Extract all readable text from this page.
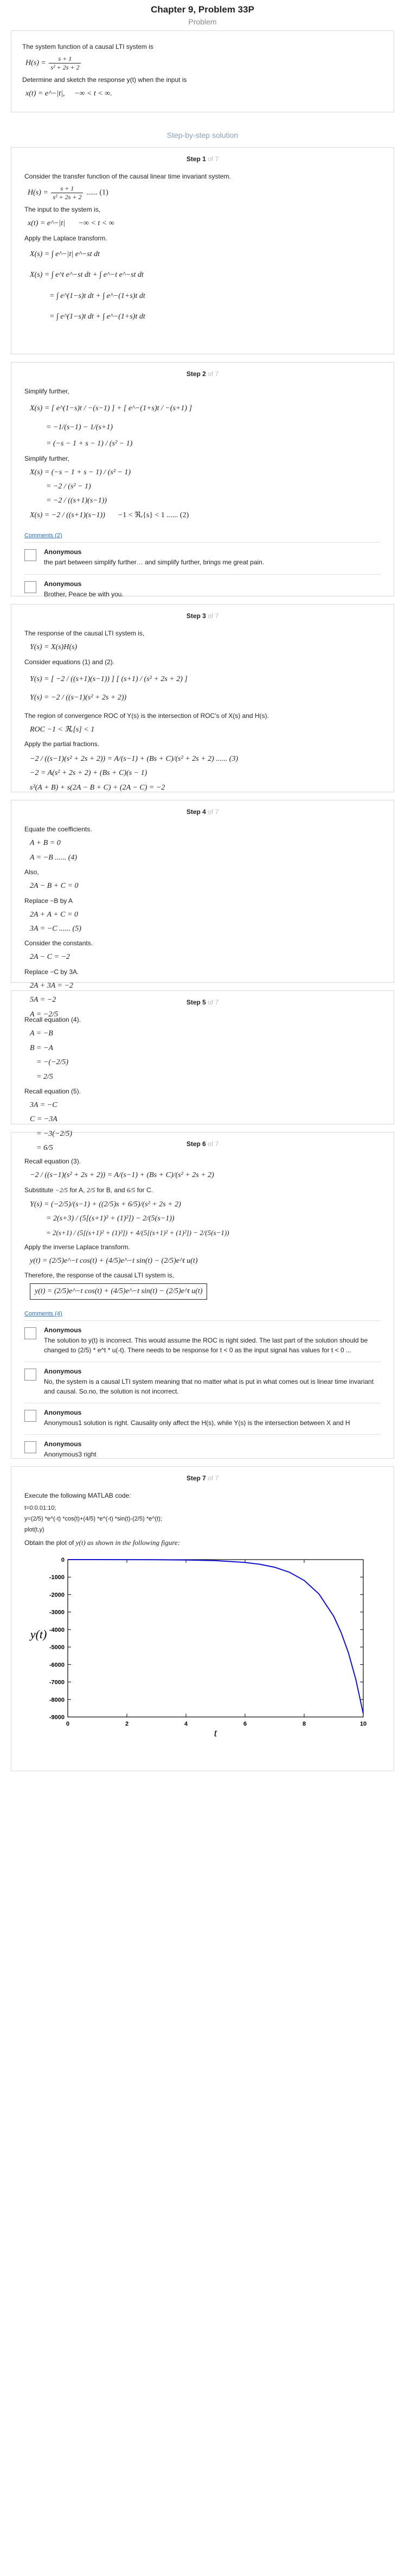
Chapter 9, Problem 33P
Problem
The system function of a causal LTI system is
$H(s) = \frac{s + 1}{\text{s² + 2s + 2}}$
Determine and sketch the response y(t) when the input is
x(t) = e^−|t|, −∞ < t < ∞.
Step-by-step solution
Step 1 of 7
Consider the transfer function of the causal linear time invariant system.
$H(s) = \frac{s + 1}{\text{s² + 2s + 2}}$ ...... (1)
The input to the system is,
x(t) = e^−|t| −∞ < t < ∞
Apply the Laplace transform.
X(s) = ∫ e^−|t| e^−st dt
X(s) = ∫ e^t e^−st dt + ∫ e^−t e^−st dt
= ∫ e^(1−s)t dt + ∫ e^−(1+s)t dt
= ∫ e^(1−s)t dt + ∫ e^−(1+s)t dt
Step 2 of 7
Simplify further,
X(s) = [ e^(1−s)t / −(s−1) ] + [ e^−(1+s)t / −(s+1) ]
= −1/(s−1) − 1/(s+1)
= (−s − 1 + s − 1) / (s² − 1)
Simplify further,
X(s) = (−s − 1 + s − 1) / (s² − 1)
= −2 / (s² − 1)
= −2 / ((s+1)(s−1))
X(s) = −2 / ((s+1)(s−1)) −1 < ℜₑ{s} < 1 ...... (2)
Comments (2)
Anonymous
the part between simplify further… and simplify further, brings me great pain.
Anonymous
Brother, Peace be with you.
Step 3 of 7
The response of the causal LTI system is,
Y(s) = X(s)H(s)
Consider equations (1) and (2).
Y(s) = [ −2 / ((s+1)(s−1)) ] [ (s+1) / (s² + 2s + 2) ]
Y(s) = −2 / ((s−1)(s² + 2s + 2))
The region of convergence ROC of Y(s) is the intersection of ROC's of X(s) and H(s).
ROC −1 < ℜₑ[s] < 1
Apply the partial fractions.
−2 / ((s−1)(s² + 2s + 2)) = A/(s−1) + (Bs + C)/(s² + 2s + 2) ...... (3)
−2 = A(s² + 2s + 2) + (Bs + C)(s − 1)
s²(A + B) + s(2A − B + C) + (2A − C) = −2
Step 4 of 7
Equate the coefficients.
A + B = 0
A = −B ...... (4)
Also,
2A − B + C = 0
Replace −B by A
2A + A + C = 0
3A = −C ...... (5)
Consider the constants.
2A − C = −2
Replace −C by 3A.
2A + 3A = −2
5A = −2
A = −2/5
Step 5 of 7
Recall equation (4).
A = −B
B = −A
= −(−2/5)
= 2/5
Recall equation (5).
3A = −C
C = −3A
= −3(−2/5)
= 6/5	Step 6 of 7
Recall equation (3).
−2 / ((s−1)(s² + 2s + 2)) = A/(s−1) + (Bs + C)/(s² + 2s + 2)
Substitute −2/5 for A, 2/5 for B, and 6/5 for C.
Y(s) = (−2/5)/(s−1) + ((2/5)s + 6/5)/(s² + 2s + 2)
= 2(s+3) / (5[(s+1)² + (1)²]) − 2/(5(s−1))
= 2(s+1) / (5[(s+1)² + (1)²]) + 4/(5[(s+1)² + (1)²]) − 2/(5(s−1))
Apply the inverse Laplace transform.
y(t) = (2/5)e^−t cos(t) + (4/5)e^−t sin(t) − (2/5)e^t u(t)
Therefore, the response of the causal LTI system is,
y(t) = (2/5)e^−t cos(t) + (4/5)e^−t sin(t) − (2/5)e^t u(t)
Comments (4)
Anonymous
The solution to y(t) is incorrect. This would assume the ROC is right sided. The last part of the solution should be changed to (2/5) * e^t * u(-t). There needs to be response for t < 0 as the input signal has values for t < 0 ...
Anonymous
No, the system is a causal LTI system meaning that no matter what is put in what comes out is linear time invariant and causal. So.no, the solution is not incorrect.
Anonymous
Anonymous1 solution is right. Causality only affect the H(s), while Y(s) is the intersection between X and H
Anonymous
Anonymous3 right
Step 7 of 7
Execute the following MATLAB code:
t=0:0.01:10;
y=(2/5) *e^(-t) *cos(t)+(4/5) *e^(-t) *sin(t)-(2/5) *e^(t);
plot(t,y)
Obtain the plot of y(t) as shown in the following figure:
0
-1000
-2000
-3000
-4000
-5000
-6000
-7000
-8000
-9000
0	2	4	6	8	10
y(t)
t
